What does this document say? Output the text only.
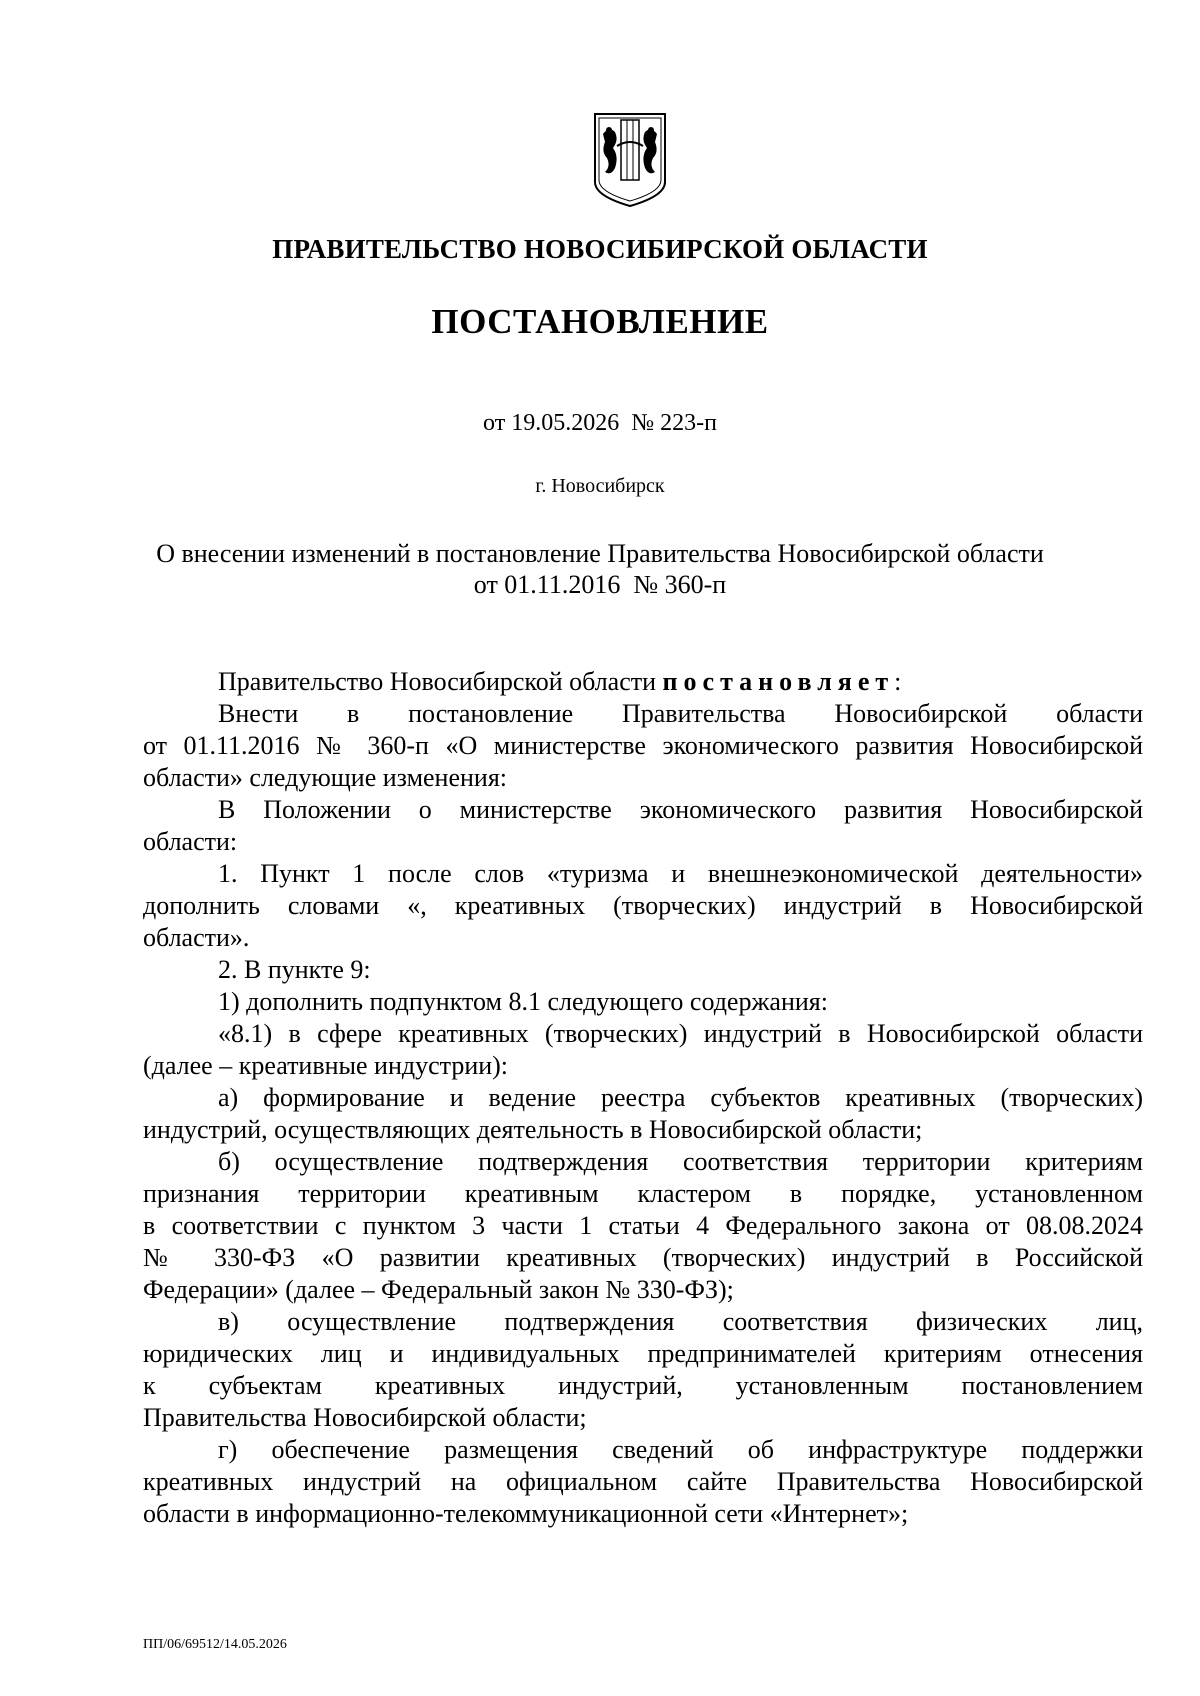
ПРАВИТЕЛЬСТВО НОВОСИБИРСКОЙ ОБЛАСТИ
ПОСТАНОВЛЕНИЕ
от 19.05.2026  № 223-п
г. Новосибирск
О внесении изменений в постановление Правительства Новосибирской области
от 01.11.2016  № 360-п

Правительство Новосибирской области постановляет:

Внести в постановление Правительства Новосибирской области
от 01.11.2016 № 360-п «О министерстве экономического развития Новосибирской
области» следующие изменения:
В Положении о министерстве экономического развития Новосибирской
области:
1. Пункт 1 после слов «туризма и внешнеэкономической деятельности»
дополнить словами «, креативных (творческих) индустрий в Новосибирской
области».
2. В пункте 9:
1) дополнить подпунктом 8.1 следующего содержания:
«8.1) в сфере креативных (творческих) индустрий в Новосибирской области
(далее – креативные индустрии):
а) формирование и ведение реестра субъектов креативных (творческих)
индустрий, осуществляющих деятельность в Новосибирской области;
б) осуществление подтверждения соответствия территории критериям
признания территории креативным кластером в порядке, установленном
в соответствии с пунктом 3 части 1 статьи 4 Федерального закона от 08.08.2024
№ 330-ФЗ «О развитии креативных (творческих) индустрий в Российской
Федерации» (далее – Федеральный закон № 330-ФЗ);
в) осуществление подтверждения соответствия физических лиц,
юридических лиц и индивидуальных предпринимателей критериям отнесения
к субъектам креативных индустрий, установленным постановлением
Правительства Новосибирской области;
г) обеспечение размещения сведений об инфраструктуре поддержки
креативных индустрий на официальном сайте Правительства Новосибирской
области в информационно-телекоммуникационной сети «Интернет»;
ПП/06/69512/14.05.2026
